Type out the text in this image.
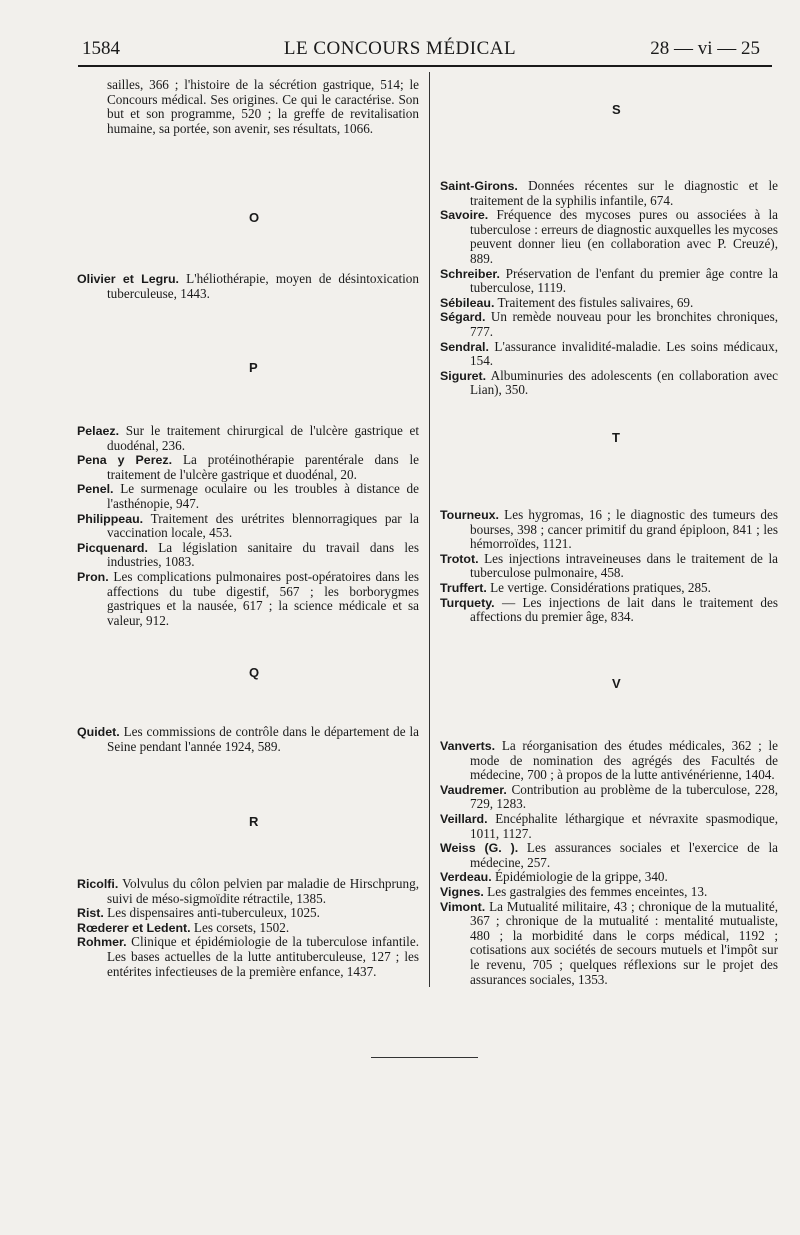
1584	LE CONCOURS MÉDICAL	28 — vi — 25

sailles, 366 ; l'histoire de la sécrétion gastrique, 514; le Concours médical. Ses origines. Ce qui le caractérise. Son but et son programme, 520 ; la greffe de revitalisation humaine, sa portée, son avenir, ses résultats, 1066.

O

Olivier et Legru. L'héliothérapie, moyen de désintoxication tuberculeuse, 1443.

P

Pelaez. Sur le traitement chirurgical de l'ulcère gastrique et duodénal, 236.

Pena y Perez. La protéinothérapie parentérale dans le traitement de l'ulcère gastrique et duodénal, 20.

Penel. Le surmenage oculaire ou les troubles à distance de l'asthénopie, 947.

Philippeau. Traitement des urétrites blennorragiques par la vaccination locale, 453.

Picquenard. La législation sanitaire du travail dans les industries, 1083.

Pron. Les complications pulmonaires post-opératoires dans les affections du tube digestif, 567 ; les borborygmes gastriques et la nausée, 617 ; la science médicale et sa valeur, 912.

Q

Quidet. Les commissions de contrôle dans le département de la Seine pendant l'année 1924, 589.

R

Ricolfi. Volvulus du côlon pelvien par maladie de Hirschprung, suivi de méso-sigmoïdite rétractile, 1385.

Rist. Les dispensaires anti-tuberculeux, 1025.

Rœderer et Ledent. Les corsets, 1502.

Rohmer. Clinique et épidémiologie de la tuberculose infantile. Les bases actuelles de la lutte antituberculeuse, 127 ; les entérites infectieuses de la première enfance, 1437.

S

Saint-Girons. Données récentes sur le diagnostic et le traitement de la syphilis infantile, 674.

Savoire. Fréquence des mycoses pures ou associées à la tuberculose : erreurs de diagnostic auxquelles les mycoses peuvent donner lieu (en collaboration avec P. Creuzé), 889.

Schreiber. Préservation de l'enfant du premier âge contre la tuberculose, 1119.

Sébileau. Traitement des fistules salivaires, 69.

Ségard. Un remède nouveau pour les bronchites chroniques, 777.

Sendral. L'assurance invalidité-maladie. Les soins médicaux, 154.

Siguret. Albuminuries des adolescents (en collaboration avec Lian), 350.

T

Tourneux. Les hygromas, 16 ; le diagnostic des tumeurs des bourses, 398 ; cancer primitif du grand épiploon, 841 ; les hémorroïdes, 1121.

Trotot. Les injections intraveineuses dans le traitement de la tuberculose pulmonaire, 458.

Truffert. Le vertige. Considérations pratiques, 285.

Turquety. — Les injections de lait dans le traitement des affections du premier âge, 834.

V

Vanverts. La réorganisation des études médicales, 362 ; le mode de nomination des agrégés des Facultés de médecine, 700 ; à propos de la lutte antivénérienne, 1404.

Vaudremer. Contribution au problème de la tuberculose, 228, 729, 1283.

Veillard. Encéphalite léthargique et névraxite spasmodique, 1011, 1127.

Weiss (G. ). Les assurances sociales et l'exercice de la médecine, 257.

Verdeau. Épidémiologie de la grippe, 340.

Vignes. Les gastralgies des femmes enceintes, 13.

Vimont. La Mutualité militaire, 43 ; chronique de la mutualité, 367 ; chronique de la mutualité : mentalité mutualiste, 480 ; la morbidité dans le corps médical, 1192 ; cotisations aux sociétés de secours mutuels et l'impôt sur le revenu, 705 ; quelques réflexions sur le projet des assurances sociales, 1353.
